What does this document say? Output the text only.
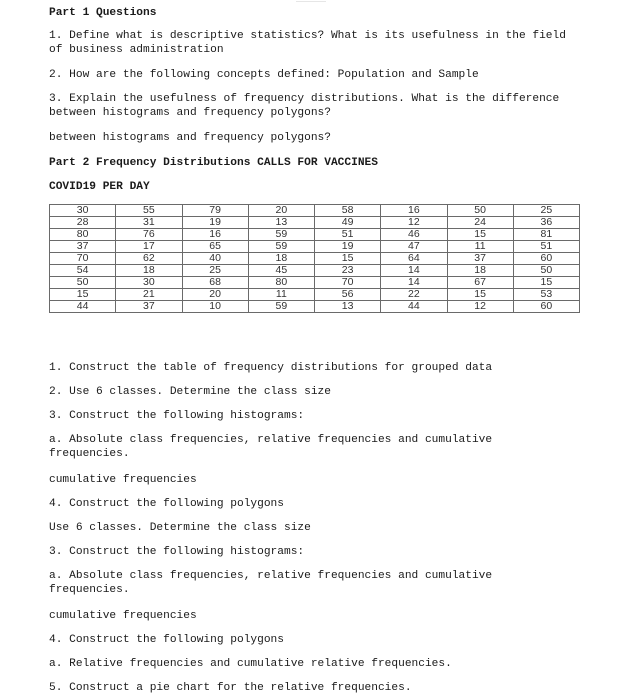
Part 1 Questions

1. Define what is descriptive statistics? What is its usefulness in the field of business administration

2. How are the following concepts defined: Population and Sample

3. Explain the usefulness of frequency distributions. What is the difference between histograms and frequency polygons?

between histograms and frequency polygons?

Part 2 Frequency Distributions CALLS FOR VACCINES

COVID19 PER DAY

30	55	79	20	58	16	50	25
28	31	19	13	49	12	24	36
80	76	16	59	51	46	15	81
37	17	65	59	19	47	11	51
70	62	40	18	15	64	37	60
54	18	25	45	23	14	18	50
50	30	68	80	70	14	67	15
15	21	20	11	56	22	15	53
44	37	10	59	13	44	12	60

1. Construct the table of frequency distributions for grouped data

2. Use 6 classes. Determine the class size

3. Construct the following histograms:

a. Absolute class frequencies, relative frequencies and cumulative frequencies.

cumulative frequencies

4. Construct the following polygons

Use 6 classes. Determine the class size

3. Construct the following histograms:

a. Absolute class frequencies, relative frequencies and cumulative frequencies.

cumulative frequencies

4. Construct the following polygons

a. Relative frequencies and cumulative relative frequencies.

5. Construct a pie chart for the relative frequencies.
